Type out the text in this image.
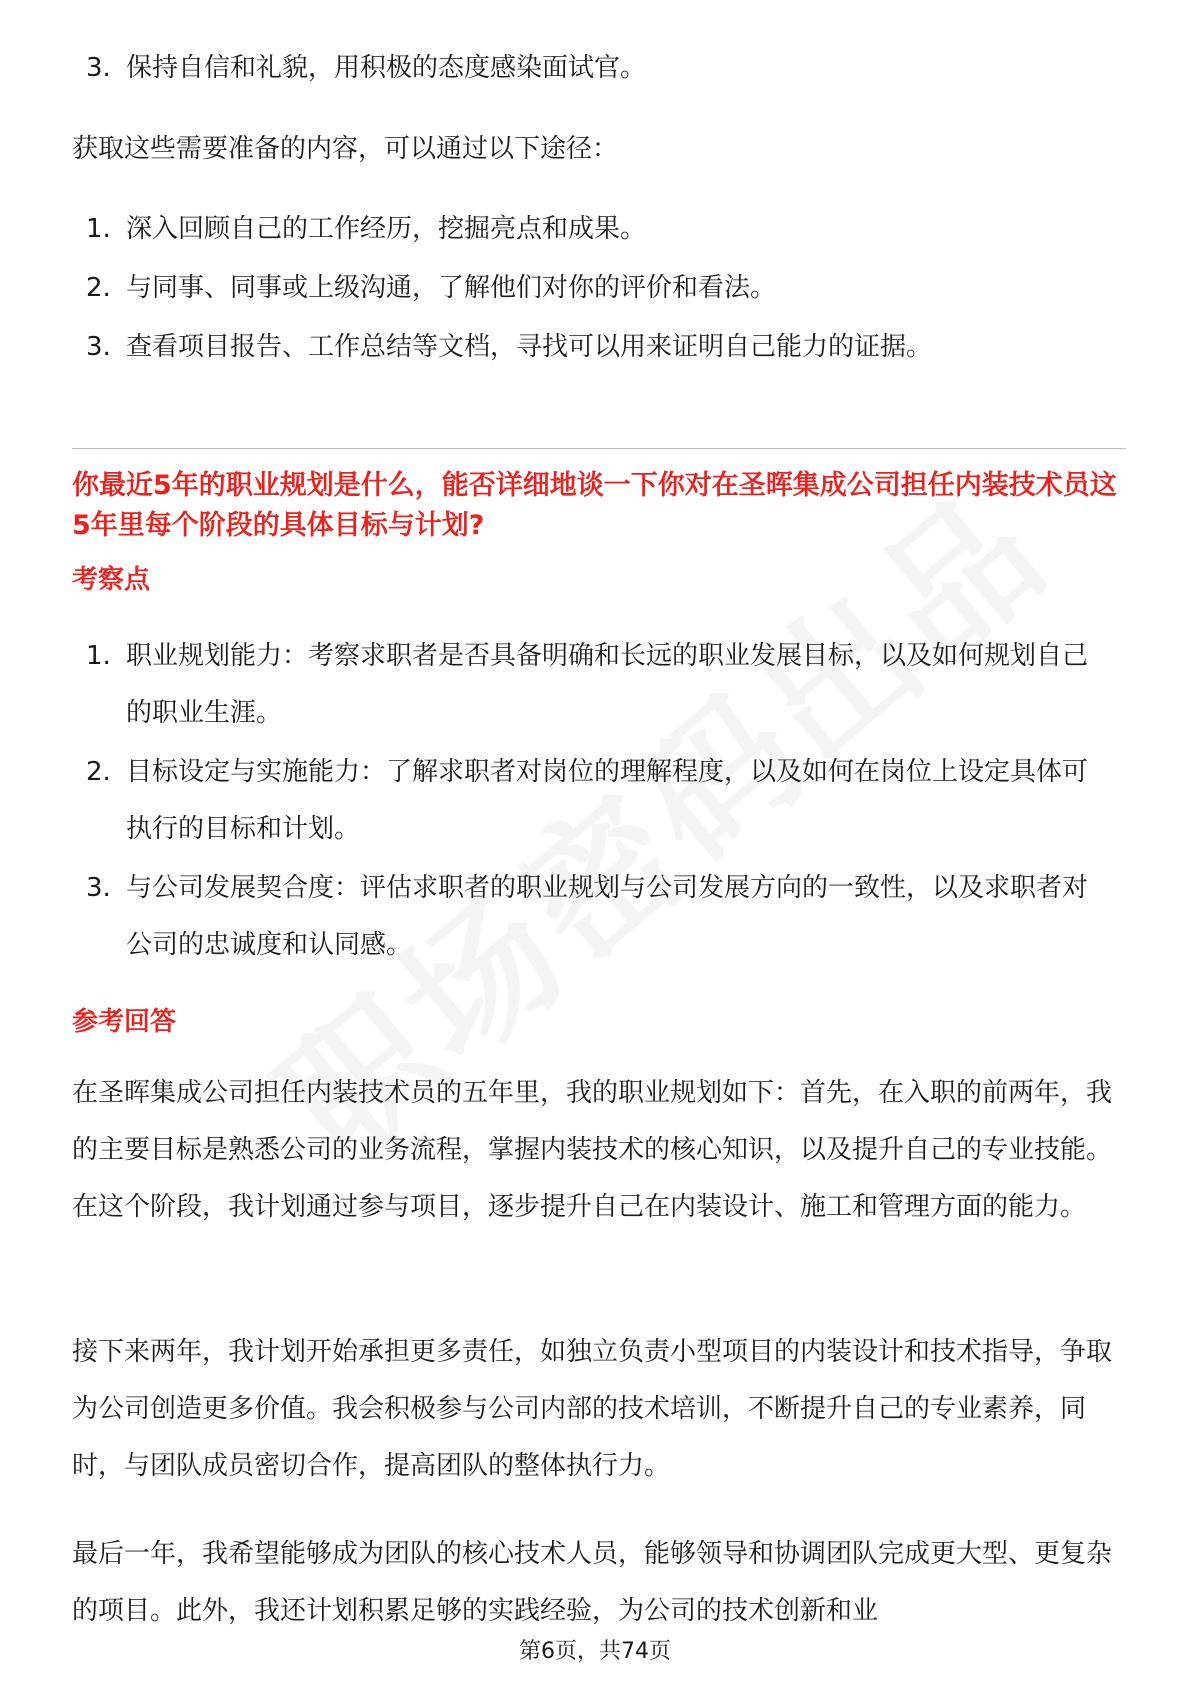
3. 保持自信和礼貌，用积极的态度感染面试官。

获取这些需要准备的内容，可以通过以下途径：

1. 深入回顾自己的工作经历，挖掘亮点和成果。
2. 与同事、同事或上级沟通，了解他们对你的评价和看法。
3. 查看项目报告、工作总结等文档，寻找可以用来证明自己能力的证据。

你最近5年的职业规划是什么，能否详细地谈一下你对在圣晖集成公司担任内装技术员这5年里每个阶段的具体目标与计划?

考察点

1. 职业规划能力：考察求职者是否具备明确和长远的职业发展目标，以及如何规划自己的职业生涯。
2. 目标设定与实施能力：了解求职者对岗位的理解程度，以及如何在岗位上设定具体可执行的目标和计划。
3. 与公司发展契合度：评估求职者的职业规划与公司发展方向的一致性，以及求职者对公司的忠诚度和认同感。

参考回答

在圣晖集成公司担任内装技术员的五年里，我的职业规划如下：首先，在入职的前两年，我的主要目标是熟悉公司的业务流程，掌握内装技术的核心知识，以及提升自己的专业技能。在这个阶段，我计划通过参与项目，逐步提升自己在内装设计、施工和管理方面的能力。

接下来两年，我计划开始承担更多责任，如独立负责小型项目的内装设计和技术指导，争取为公司创造更多价值。我会积极参与公司内部的技术培训，不断提升自己的专业素养，同时，与团队成员密切合作，提高团队的整体执行力。

最后一年，我希望能够成为团队的核心技术人员，能够领导和协调团队完成更大型、更复杂的项目。此外，我还计划积累足够的实践经验，为公司的技术创新和业

第6页，共74页
